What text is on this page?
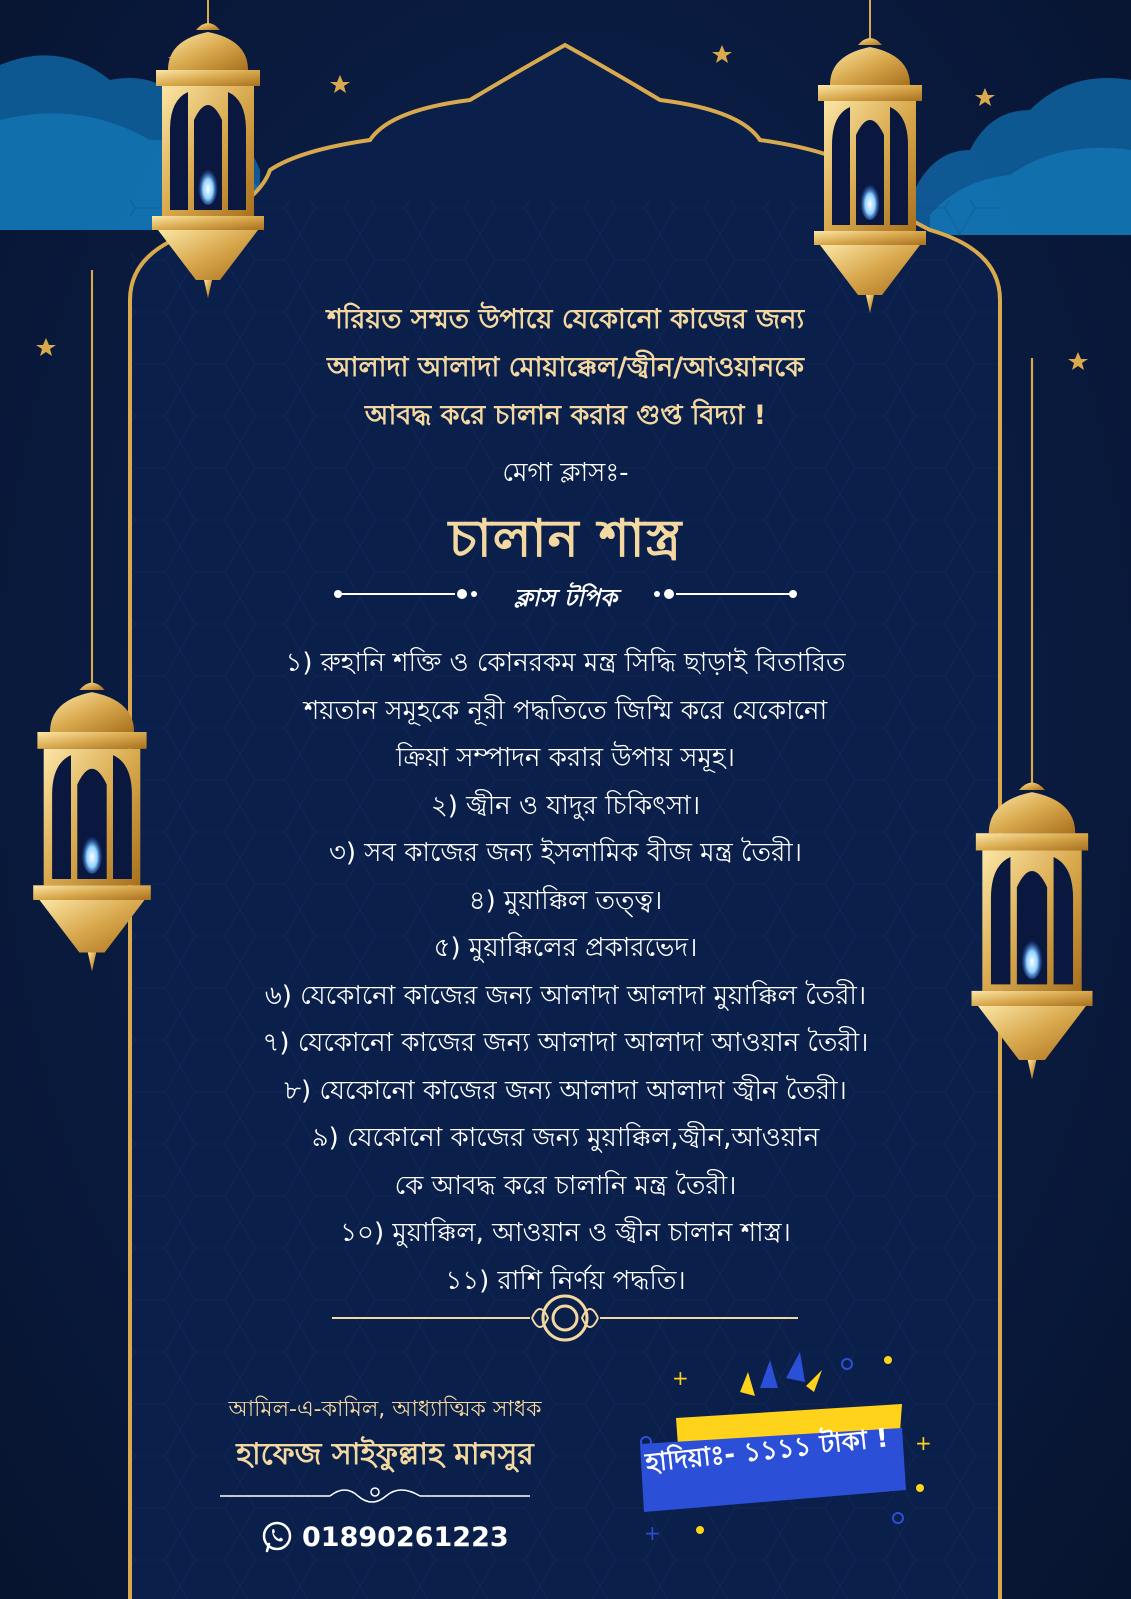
+
+
+
শরিয়ত সম্মত উপায়ে যেকোনো কাজের জন্য
আলাদা আলাদা মোয়াক্কেল/জ্বীন/আওয়ানকে
আবদ্ধ করে চালান করার গুপ্ত বিদ্যা !
মেগা ক্লাসঃ-
চালান শাস্ত্র
ক্লাস টপিক
১) রুহানি শক্তি ও কোনরকম মন্ত্র সিদ্ধি ছাড়াই বিতারিত
শয়তান সমূহকে নূরী পদ্ধতিতে জিম্মি করে যেকোনো
ক্রিয়া সম্পাদন করার উপায় সমূহ।
২) জ্বীন ও যাদুর চিকিৎসা।
৩) সব কাজের জন্য ইসলামিক বীজ মন্ত্র তৈরী।
৪) মুয়াক্কিল তত্ত্ব।
৫) মুয়াক্কিলের প্রকারভেদ।
৬) যেকোনো কাজের জন্য আলাদা আলাদা মুয়াক্কিল তৈরী।
৭) যেকোনো কাজের জন্য আলাদা আলাদা আওয়ান তৈরী।
৮) যেকোনো কাজের জন্য আলাদা আলাদা জ্বীন তৈরী।
৯) যেকোনো কাজের জন্য মুয়াক্কিল,জ্বীন,আওয়ান
কে আবদ্ধ করে চালানি মন্ত্র তৈরী।
১০) মুয়াক্কিল, আওয়ান ও জ্বীন চালান শাস্ত্র।
১১) রাশি নির্ণয় পদ্ধতি।
আমিল-এ-কামিল, আধ্যাত্মিক সাধক
হাফেজ সাইফুল্লাহ মানসুর
01890261223
হাদিয়াঃ- ১১১১ টাকা !
